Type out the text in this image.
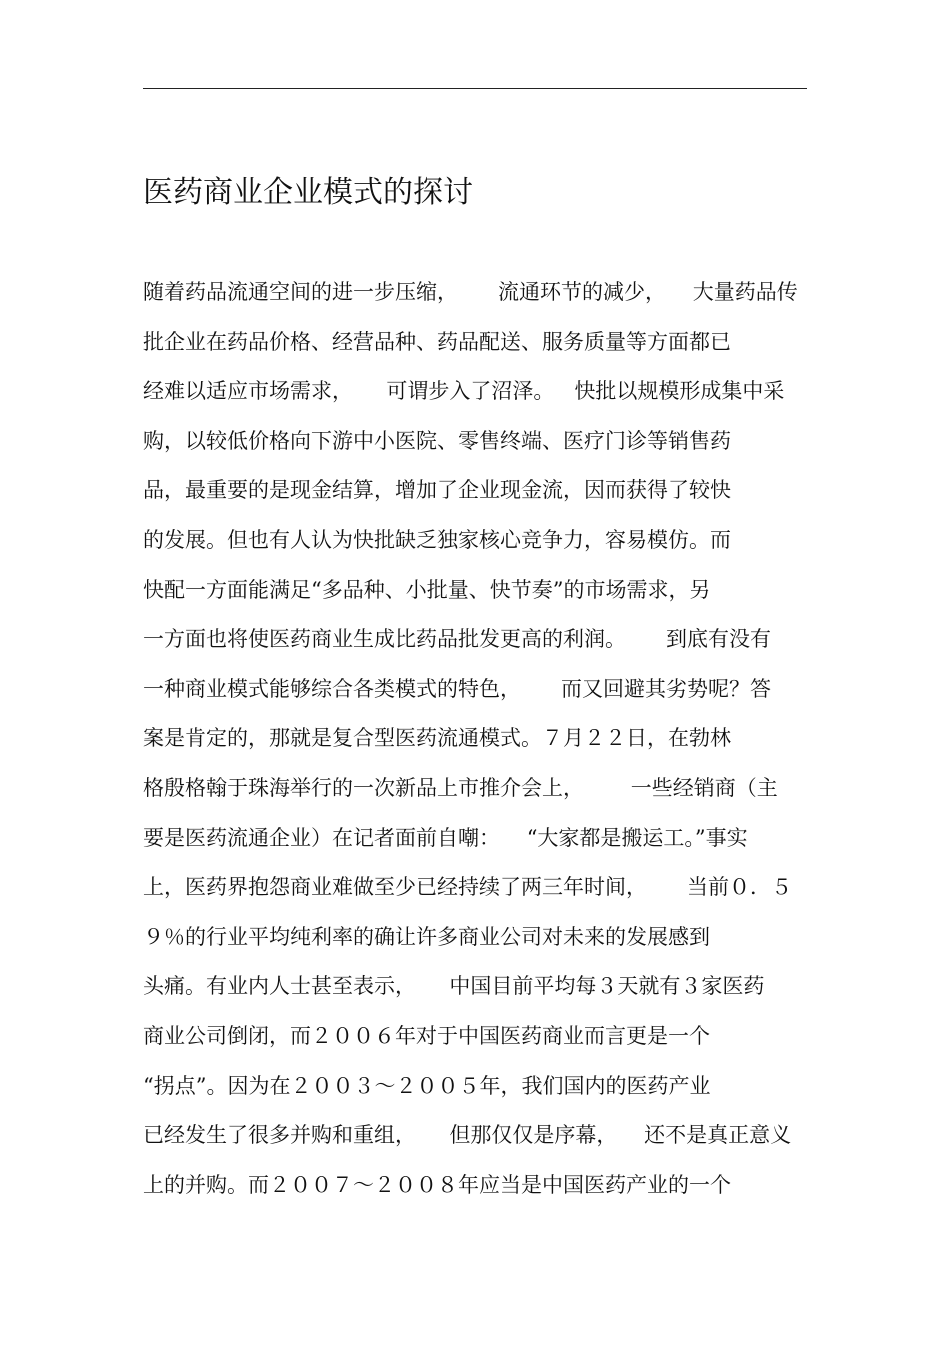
医药商业企业模式的探讨
随着药品流通空间的进一步压缩，      流通环节的减少，    大量药品传
批企业在药品价格、经营品种、药品配送、服务质量等方面都已
经难以适应市场需求，     可谓步入了沼泽。   快批以规模形成集中采
购，以较低价格向下游中小医院、零售终端、医疗门诊等销售药
品，最重要的是现金结算，增加了企业现金流，因而获得了较快
的发展。但也有人认为快批缺乏独家核心竞争力，容易模仿。而
快配一方面能满足“多品种、小批量、快节奏”的市场需求，另
一方面也将使医药商业生成比药品批发更高的利润。      到底有没有
一种商业模式能够综合各类模式的特色，      而又回避其劣势呢？答
案是肯定的，那就是复合型医药流通模式。７月２２日，在勃林
格殷格翰于珠海举行的一次新品上市推介会上，       一些经销商（主
要是医药流通企业）在记者面前自嘲：    “大家都是搬运工。”事实
上，医药界抱怨商业难做至少已经持续了两三年时间，      当前０．５
９％的行业平均纯利率的确让许多商业公司对未来的发展感到
头痛。有业内人士甚至表示，     中国目前平均每３天就有３家医药
商业公司倒闭，而２００６年对于中国医药商业而言更是一个
“拐点”。因为在２００３～２００５年，我们国内的医药产业
已经发生了很多并购和重组，     但那仅仅是序幕，    还不是真正意义
上的并购。而２００７～２００８年应当是中国医药产业的一个
